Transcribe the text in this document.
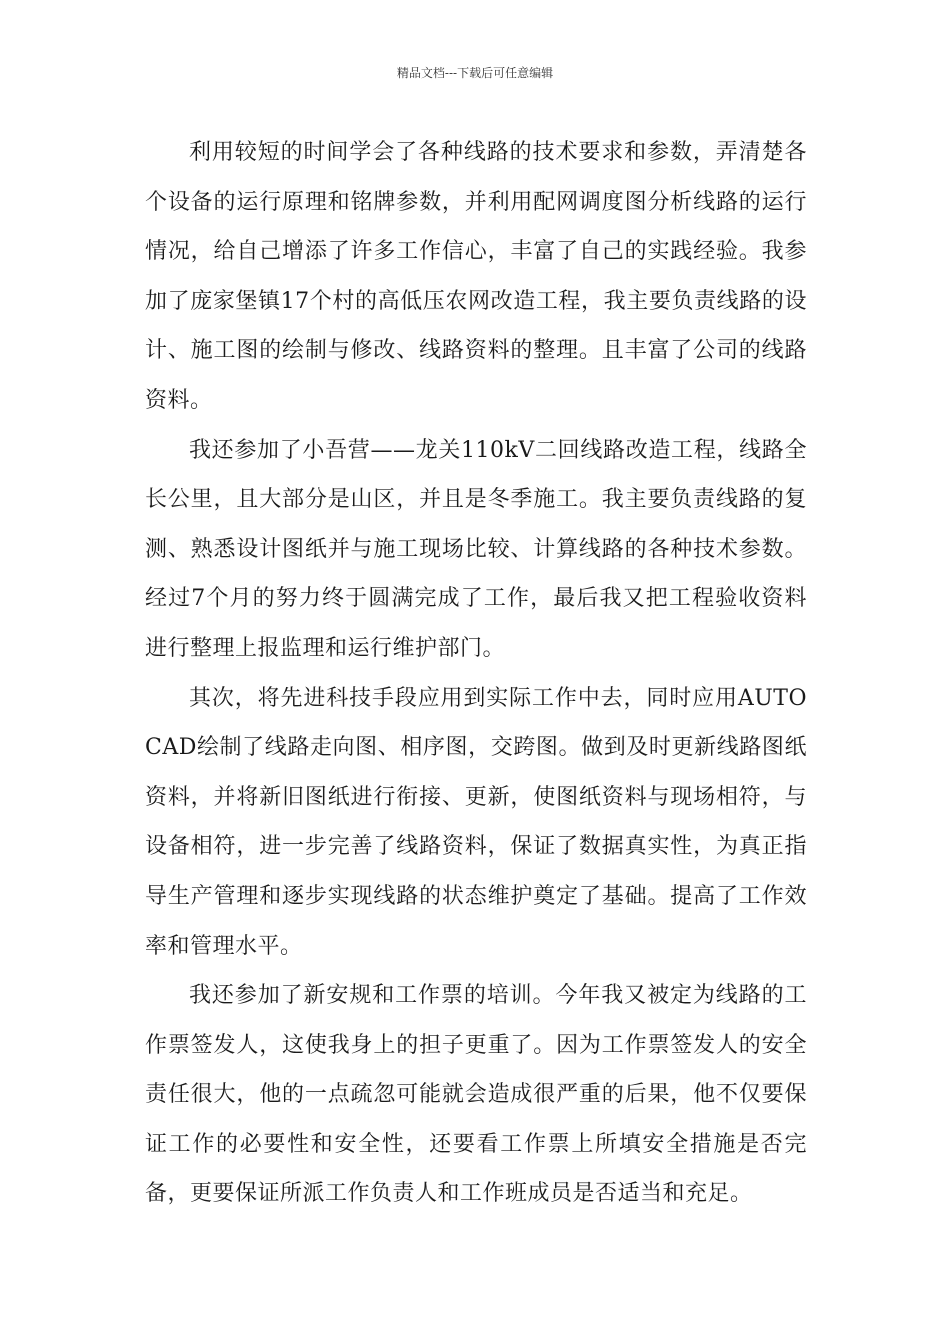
精品文档---下载后可任意编辑

利用较短的时间学会了各种线路的技术要求和参数，弄清楚各个设备的运行原理和铭牌参数，并利用配网调度图分析线路的运行情况，给自己增添了许多工作信心，丰富了自己的实践经验。我参加了庞家堡镇17个村的高低压农网改造工程，我主要负责线路的设计、施工图的绘制与修改、线路资料的整理。且丰富了公司的线路资料。

我还参加了小吾营——龙关110kV二回线路改造工程，线路全长公里，且大部分是山区，并且是冬季施工。我主要负责线路的复测、熟悉设计图纸并与施工现场比较、计算线路的各种技术参数。经过7个月的努力终于圆满完成了工作，最后我又把工程验收资料进行整理上报监理和运行维护部门。

其次，将先进科技手段应用到实际工作中去，同时应用AUTOCAD绘制了线路走向图、相序图，交跨图。做到及时更新线路图纸资料，并将新旧图纸进行衔接、更新，使图纸资料与现场相符，与设备相符，进一步完善了线路资料，保证了数据真实性，为真正指导生产管理和逐步实现线路的状态维护奠定了基础。提高了工作效率和管理水平。

我还参加了新安规和工作票的培训。今年我又被定为线路的工作票签发人，这使我身上的担子更重了。因为工作票签发人的安全责任很大，他的一点疏忽可能就会造成很严重的后果，他不仅要保证工作的必要性和安全性，还要看工作票上所填安全措施是否完备，更要保证所派工作负责人和工作班成员是否适当和充足。
